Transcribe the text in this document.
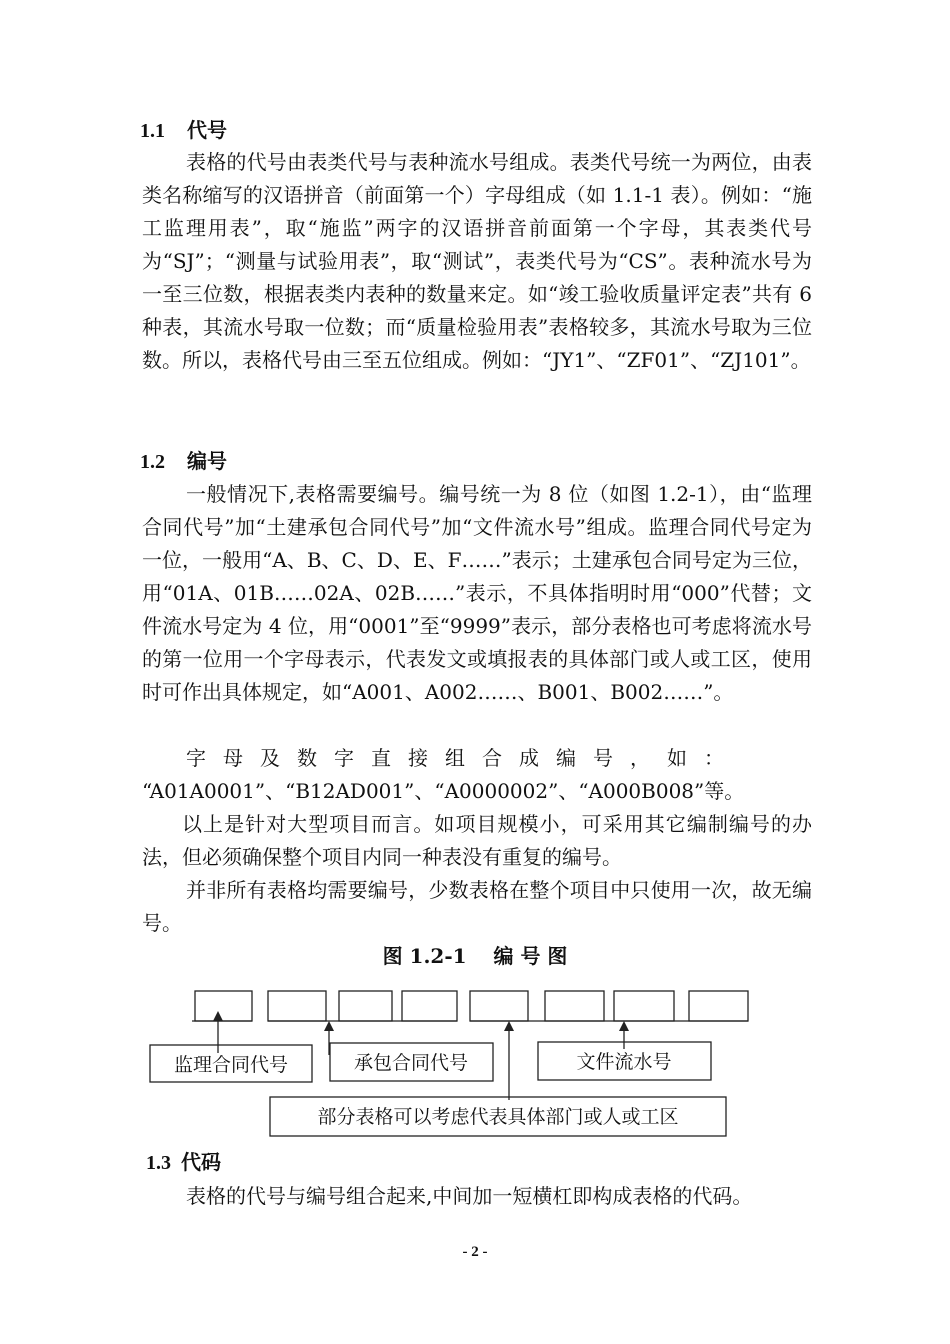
1.1 代号

表格的代号由表类代号与表种流水号组成。表类代号统一为两位，由表类名称缩写的汉语拼音（前面第一个）字母组成（如 1.1-1 表）。例如：“施工监理用表”，取“施监”两字的汉语拼音前面第一个字母，其表类代号为“SJ”；“测量与试验用表”，取“测试”，表类代号为“CS”。表种流水号为一至三位数，根据表类内表种的数量来定。如“竣工验收质量评定表”共有 6 种表，其流水号取一位数；而“质量检验用表”表格较多，其流水号取为三位数。所以，表格代号由三至五位组成。例如：“JY1”、“ZF01”、“ZJ101”。

1.2 编号

一般情况下,表格需要编号。编号统一为 8 位（如图 1.2-1），由“监理合同代号”加“土建承包合同代号”加“文件流水号”组成。监理合同代号定为一位，一般用“A、B、C、D、E、F……”表示；土建承包合同号定为三位，用“01A、01B……02A、02B……”表示，不具体指明时用“000”代替；文件流水号定为 4 位，用“0001”至“9999”表示，部分表格也可考虑将流水号的第一位用一个字母表示，代表发文或填报表的具体部门或人或工区，使用时可作出具体规定，如“A001、A002……、B001、B002……”。

字母及数字直接组合成编号，如：

“A01A0001”、“B12AD001”、“A0000002”、“A000B008”等。

以上是针对大型项目而言。如项目规模小，可采用其它编制编号的办法，但必须确保整个项目内同一种表没有重复的编号。

并非所有表格均需要编号，少数表格在整个项目中只使用一次，故无编号。

图 1.2-1　 编 号 图
监理合同代号	承包合同代号	文件流水号
部分表格可以考虑代表具体部门或人或工区
1.3 代码

表格的代号与编号组合起来,中间加一短横杠即构成表格的代码。

- 2 -
